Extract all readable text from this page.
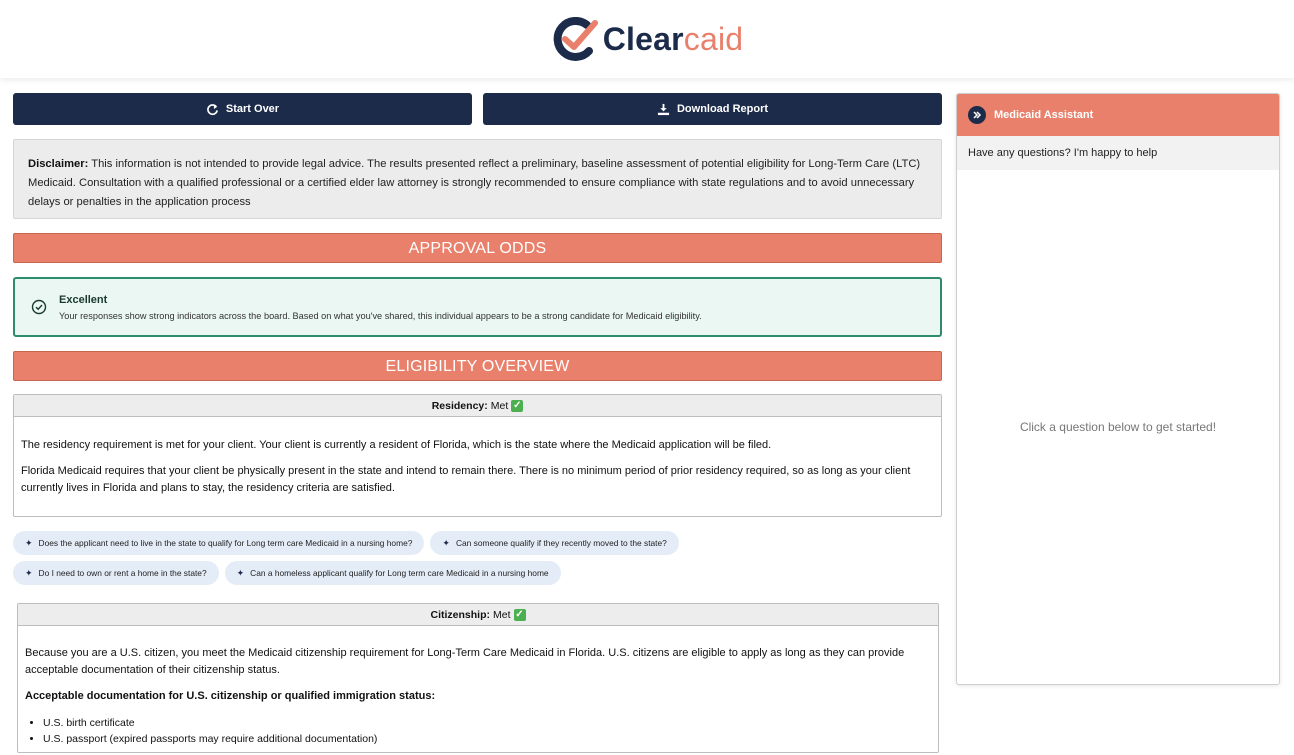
Clearcaid
Start Over	Download Report
Disclaimer: This information is not intended to provide legal advice. The results presented reflect a preliminary, baseline assessment of potential eligibility for Long-Term Care (LTC) Medicaid. Consultation with a qualified professional or a certified elder law attorney is strongly recommended to ensure compliance with state regulations and to avoid unnecessary delays or penalties in the application process
APPROVAL ODDS
Excellent
Your responses show strong indicators across the board. Based on what you've shared, this individual appears to be a strong candidate for Medicaid eligibility.
ELIGIBILITY OVERVIEW
Residency: Met ✓

The residency requirement is met for your client. Your client is currently a resident of Florida, which is the state where the Medicaid application will be filed.

Florida Medicaid requires that your client be physically present in the state and intend to remain there. There is no minimum period of prior residency required, so as long as your client currently lives in Florida and plans to stay, the residency criteria are satisfied.

✦ Does the applicant need to live in the state to qualify for Long term care Medicaid in a nursing home?	✦ Can someone qualify if they recently moved to the state?
✦ Do I need to own or rent a home in the state?	✦ Can a homeless applicant qualify for Long term care Medicaid in a nursing home
Citizenship: Met ✓

Because you are a U.S. citizen, you meet the Medicaid citizenship requirement for Long-Term Care Medicaid in Florida. U.S. citizens are eligible to apply as long as they can provide acceptable documentation of their citizenship status.

Acceptable documentation for U.S. citizenship or qualified immigration status:
• U.S. birth certificate
• U.S. passport (expired passports may require additional documentation)
Medicaid Assistant
Have any questions? I'm happy to help
Click a question below to get started!
